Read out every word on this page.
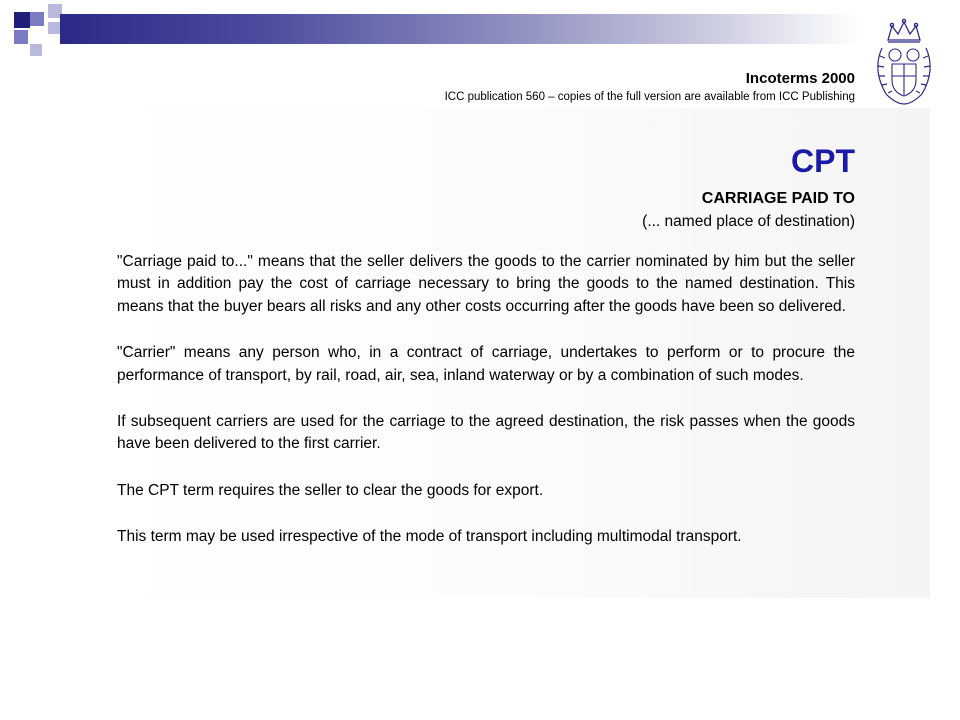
Incoterms 2000
ICC publication 560 – copies of the full version are available from ICC Publishing
CPT
CARRIAGE PAID TO
(... named place of destination)

"Carriage paid to..." means that the seller delivers the goods to the carrier nominated by him but the seller must in addition pay the cost of carriage necessary to bring the goods to the named destination. This means that the buyer bears all risks and any other costs occurring after the goods have been so delivered.

"Carrier" means any person who, in a contract of carriage, undertakes to perform or to procure the performance of transport, by rail, road, air, sea, inland waterway or by a combination of such modes.

If subsequent carriers are used for the carriage to the agreed destination, the risk passes when the goods have been delivered to the first carrier.

The CPT term requires the seller to clear the goods for export.

This term may be used irrespective of the mode of transport including multimodal transport.
